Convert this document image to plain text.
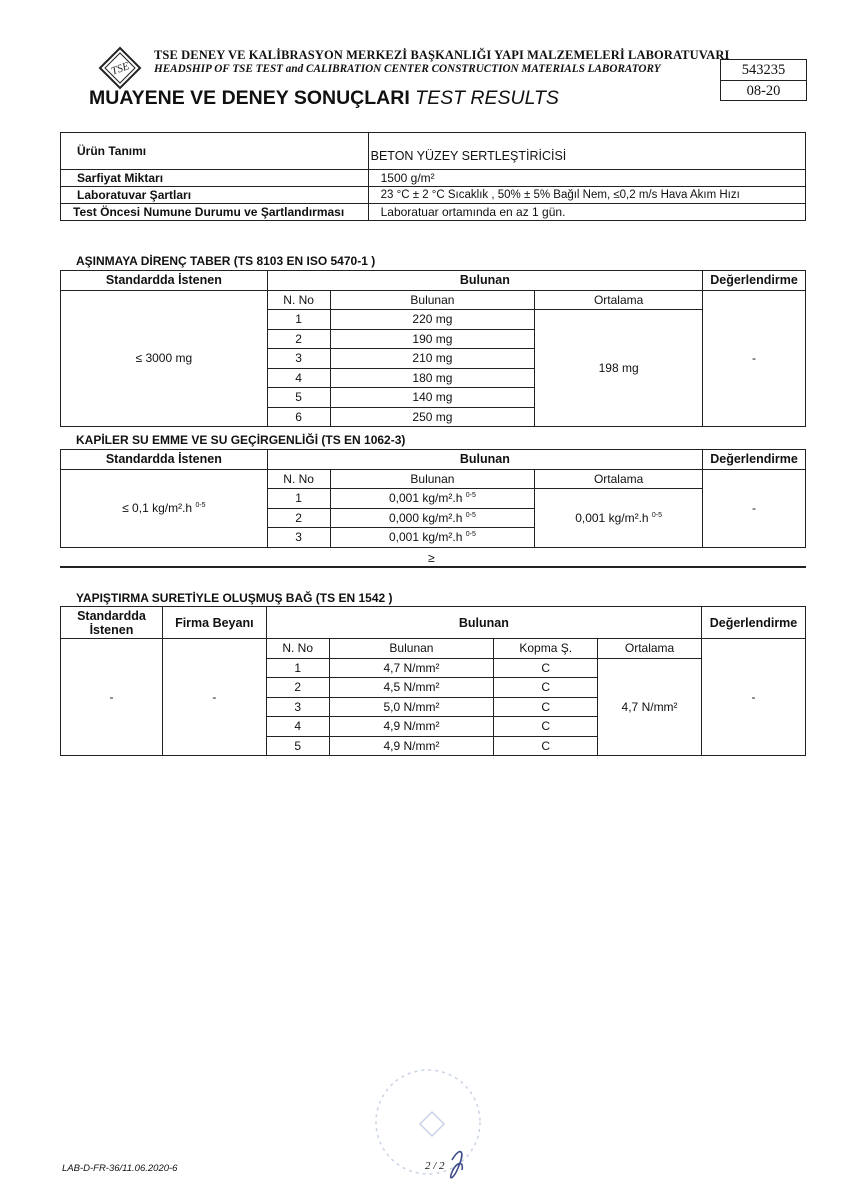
TSE
TSE DENEY VE KALİBRASYON MERKEZİ BAŞKANLIĞI YAPI MALZEMELERİ LABORATUVARI
HEADSHIP OF TSE TEST and CALIBRATION CENTER CONSTRUCTION MATERIALS LABORATORY
MUAYENE VE DENEY SONUÇLARI TEST RESULTS
543235
08-20
Ürün Tanımı	BETON YÜZEY SERTLEŞTİRİCİSİ
Sarfiyat Miktarı	1500 g/m²
Laboratuvar Şartları	23 °C ± 2 °C Sıcaklık , 50% ± 5% Bağıl Nem, ≤0,2 m/s Hava Akım Hızı
Test Öncesi Numune Durumu ve Şartlandırması	Laboratuar ortamında en az 1 gün.
AŞINMAYA DİRENÇ TABER (TS 8103 EN ISO 5470-1 )
Standardda İstenen	Bulunan			Değerlendirme
≤ 3000 mg	N. No	Bulunan	Ortalama	-
	1	220 mg	198 mg	
	2	190 mg		
	3	210 mg		
	4	180 mg		
	5	140 mg		
	6	250 mg		
KAPİLER SU EMME VE SU GEÇİRGENLİĞİ (TS EN 1062-3)
Standardda İstenen	Bulunan			Değerlendirme
≤ 0,1 kg/m².h $^{0-5}$	N. No	Bulunan	Ortalama	-
	1	0,001 kg/m².h $^{0-5}$	0,001 kg/m².h $^{0-5}$
	2	0,000 kg/m².h $^{0-5}$
	3	0,001 kg/m².h $^{0-5}$
≥
YAPIŞTIRMA SURETİYLE OLUŞMUŞ BAĞ (TS EN 1542 )
Standardda İstenen	Firma Beyanı	Bulunan				Değerlendirme
-	-	N. No	Bulunan	Kopma Ş.	Ortalama	-
		1	4,7 N/mm²	C	4,7 N/mm²	
		2	4,5 N/mm²	C		
		3	5,0 N/mm²	C		
		4	4,9 N/mm²	C		
		5	4,9 N/mm²	C		
LAB-D-FR-36/11.06.2020-6	2 / 2
